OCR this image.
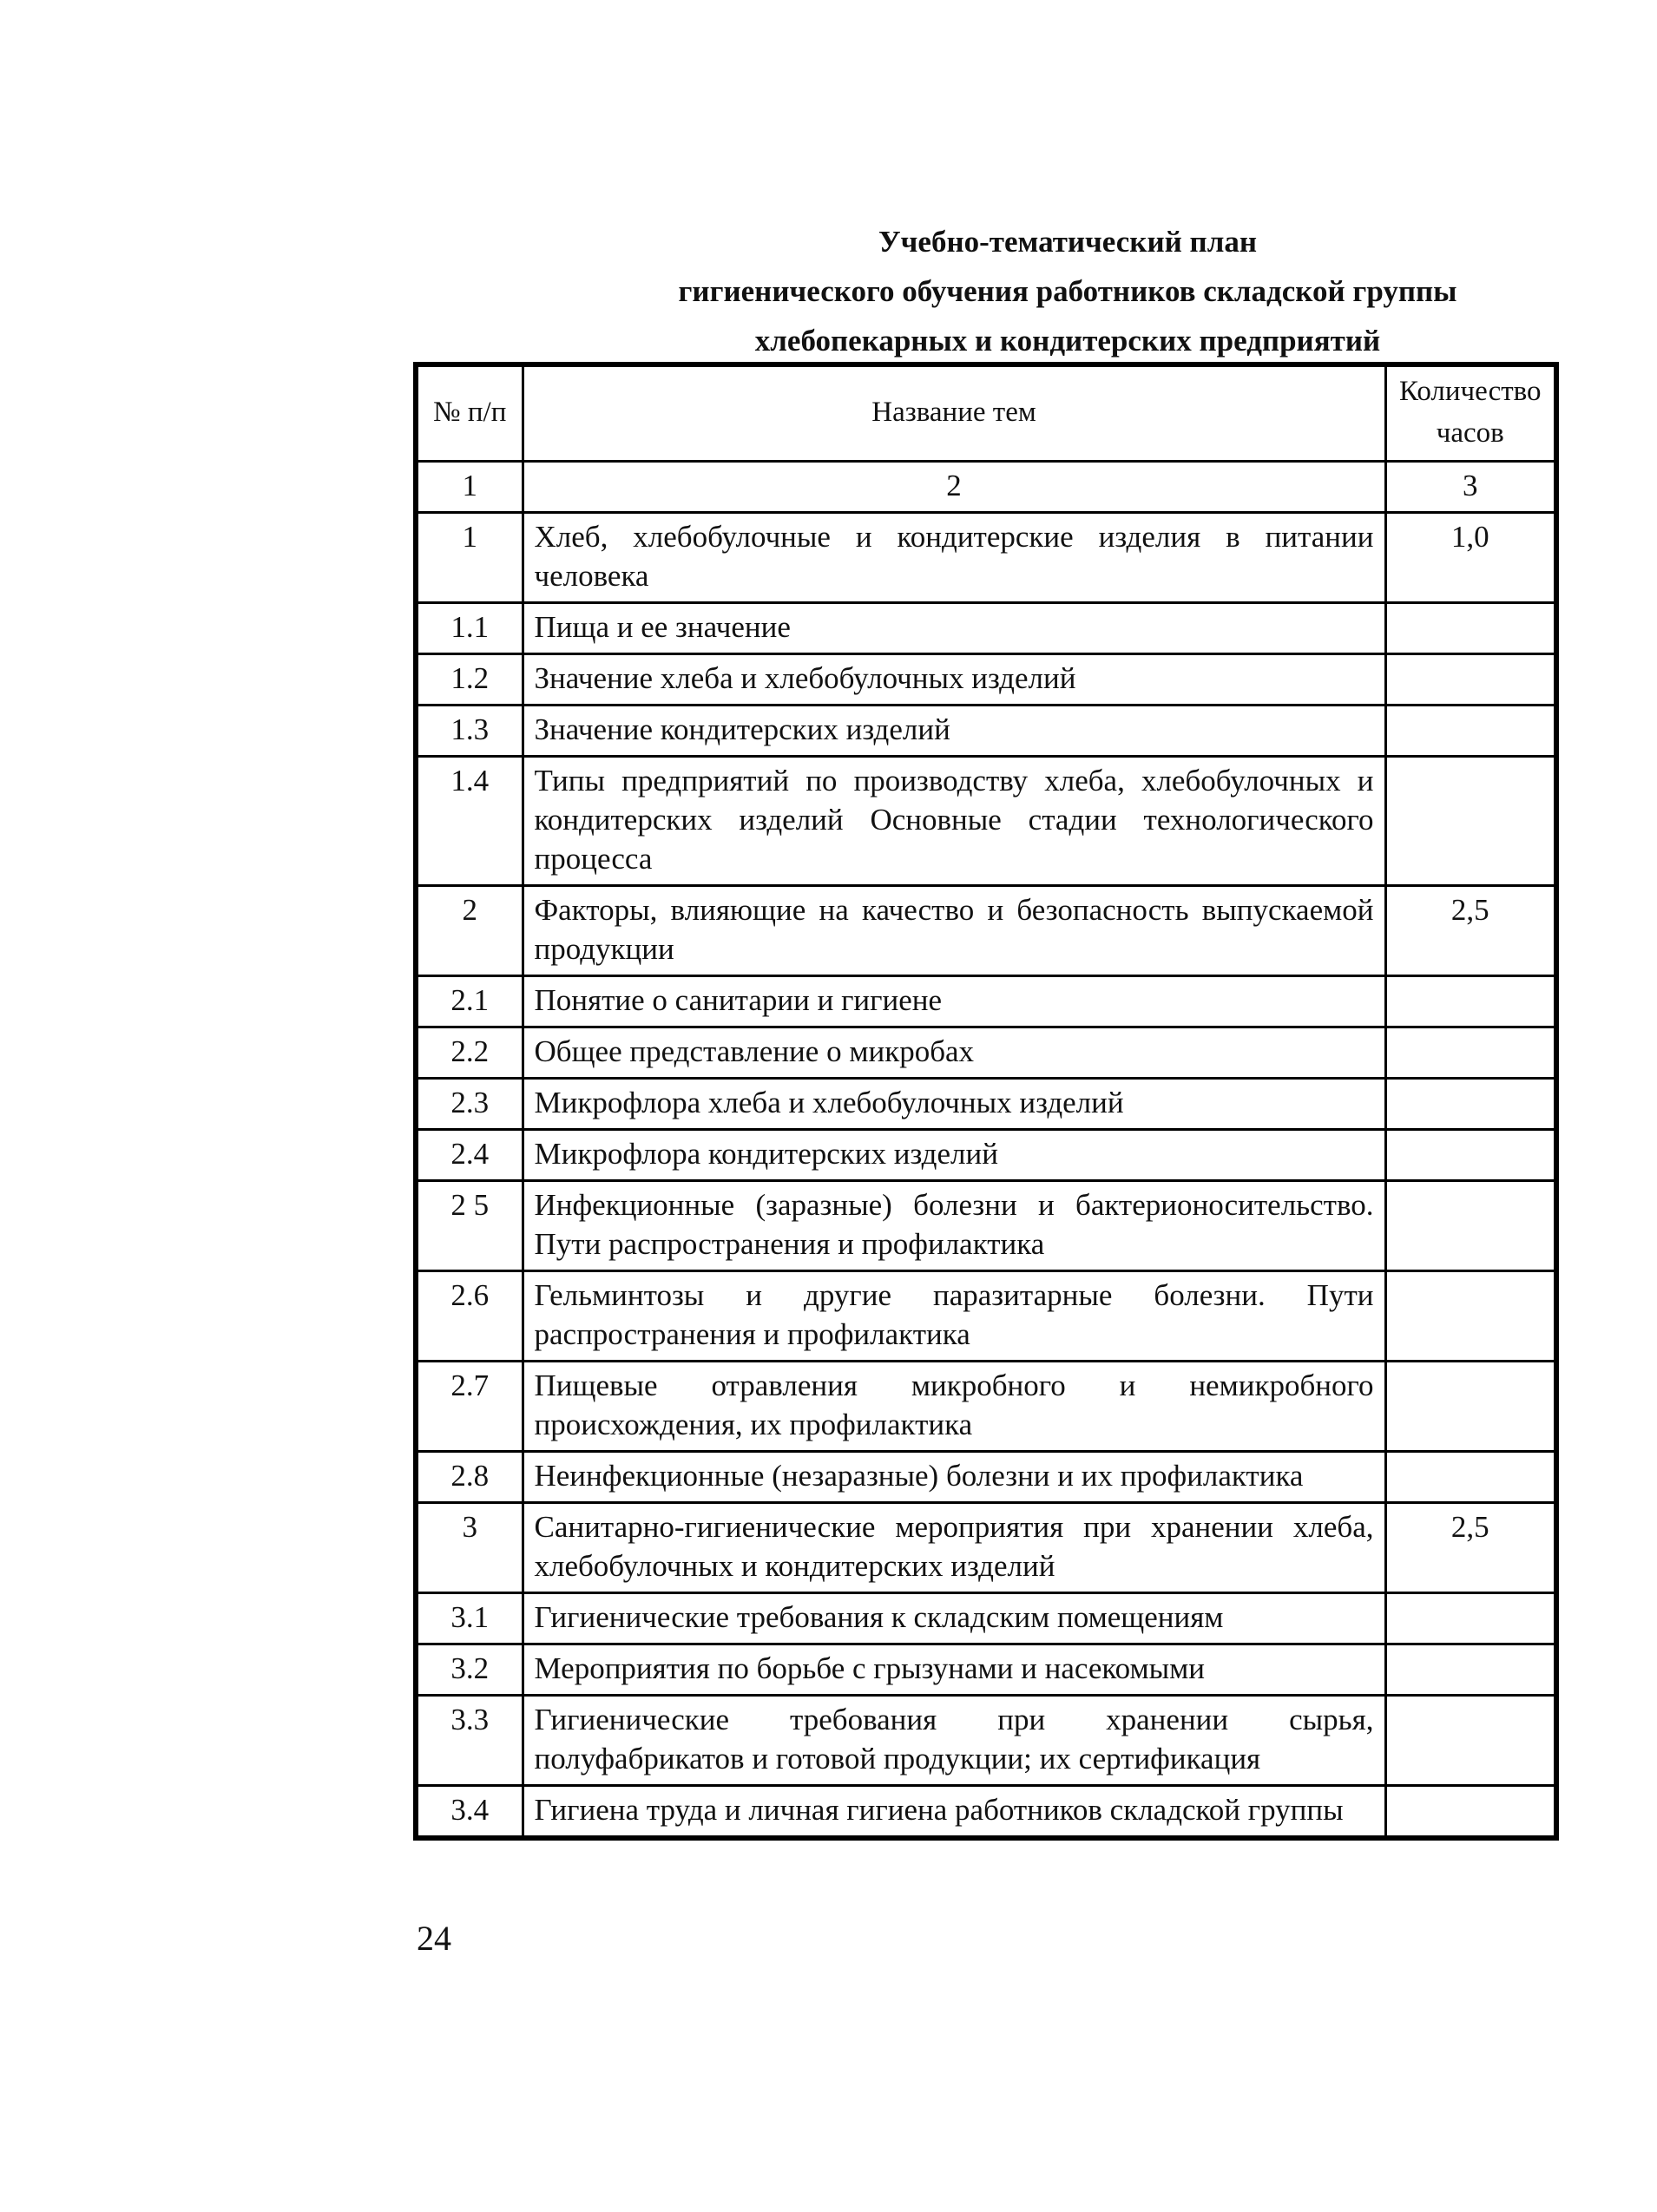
Учебно-тематический план
гигиенического обучения работников складской группы
хлебопекарных и кондитерских предприятий
№ п/п	Название тем	Количество часов
1	2	3
1	Хлеб, хлебобулочные и кондитерские изделия в питании человека	1,0
1.1	Пища и ее значение	
1.2	Значение хлеба и хлебобулочных изделий	
1.3	Значение кондитерских изделий	
1.4	Типы предприятий по производству хлеба, хлебобулочных и кондитерских изделий Основные стадии технологического процесса	
2	Факторы, влияющие на качество и безопасность выпускаемой продукции	2,5
2.1	Понятие о санитарии и гигиене	
2.2	Общее представление о микробах	
2.3	Микрофлора хлеба и хлебобулочных изделий	
2.4	Микрофлора кондитерских изделий	
2 5	Инфекционные (заразные) болезни и бактерионосительство. Пути распространения и профилактика	
2.6	Гельминтозы и другие паразитарные болезни. Пути распространения и профилактика	
2.7	Пищевые отравления микробного и немикробного происхождения, их профилактика	
2.8	Неинфекционные (незаразные) болезни и их профилактика	
3	Санитарно-гигиенические мероприятия при хранении хлеба, хлебобулочных и кондитерских изделий	2,5
3.1	Гигиенические требования к складским помещениям	
3.2	Мероприятия по борьбе с грызунами и насекомыми	
3.3	Гигиенические требования при хранении сырья, полуфабрикатов и готовой продукции; их сертификация	
3.4	Гигиена труда и личная гигиена работников складской группы	
24
